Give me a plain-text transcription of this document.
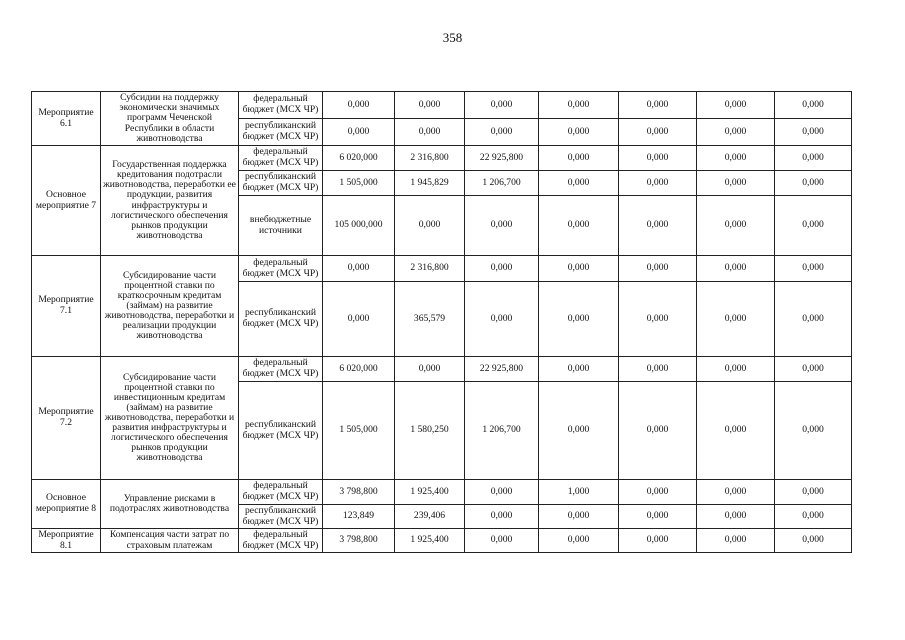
358
Мероприятие 6.1	Субсидии на поддержку экономически значимых программ Чеченской Республики в области животноводства	федеральный бюджет (МСХ ЧР)	0,000	0,000	0,000	0,000	0,000	0,000	0,000
		республиканский бюджет (МСХ ЧР)	0,000	0,000	0,000	0,000	0,000	0,000	0,000
Основное мероприятие 7	Государственная поддержка кредитования подотрасли животноводства, переработки ее продукции, развития инфраструктуры и логистического обеспечения рынков продукции животноводства	федеральный бюджет (МСХ ЧР)	6 020,000	2 316,800	22 925,800	0,000	0,000	0,000	0,000
		республиканский бюджет (МСХ ЧР)	1 505,000	1 945,829	1 206,700	0,000	0,000	0,000	0,000
		внебюджетные источники	105 000,000	0,000	0,000	0,000	0,000	0,000	0,000
Мероприятие 7.1	Субсидирование части процентной ставки по краткосрочным кредитам (займам) на развитие животноводства, переработки и реализации продукции животноводства	федеральный бюджет (МСХ ЧР)	0,000	2 316,800	0,000	0,000	0,000	0,000	0,000
		республиканский бюджет (МСХ ЧР)	0,000	365,579	0,000	0,000	0,000	0,000	0,000
Мероприятие 7.2	Субсидирование части процентной ставки по инвестиционным кредитам (займам) на развитие животноводства, переработки и развития инфраструктуры и логистического обеспечения рынков продукции животноводства	федеральный бюджет (МСХ ЧР)	6 020,000	0,000	22 925,800	0,000	0,000	0,000	0,000
		республиканский бюджет (МСХ ЧР)	1 505,000	1 580,250	1 206,700	0,000	0,000	0,000	0,000
Основное мероприятие 8	Управление рисками в подотраслях животноводства	федеральный бюджет (МСХ ЧР)	3 798,800	1 925,400	0,000	1,000	0,000	0,000	0,000
		республиканский бюджет (МСХ ЧР)	123,849	239,406	0,000	0,000	0,000	0,000	0,000
Мероприятие 8.1	Компенсация части затрат по страховым платежам	федеральный бюджет (МСХ ЧР)	3 798,800	1 925,400	0,000	0,000	0,000	0,000	0,000
